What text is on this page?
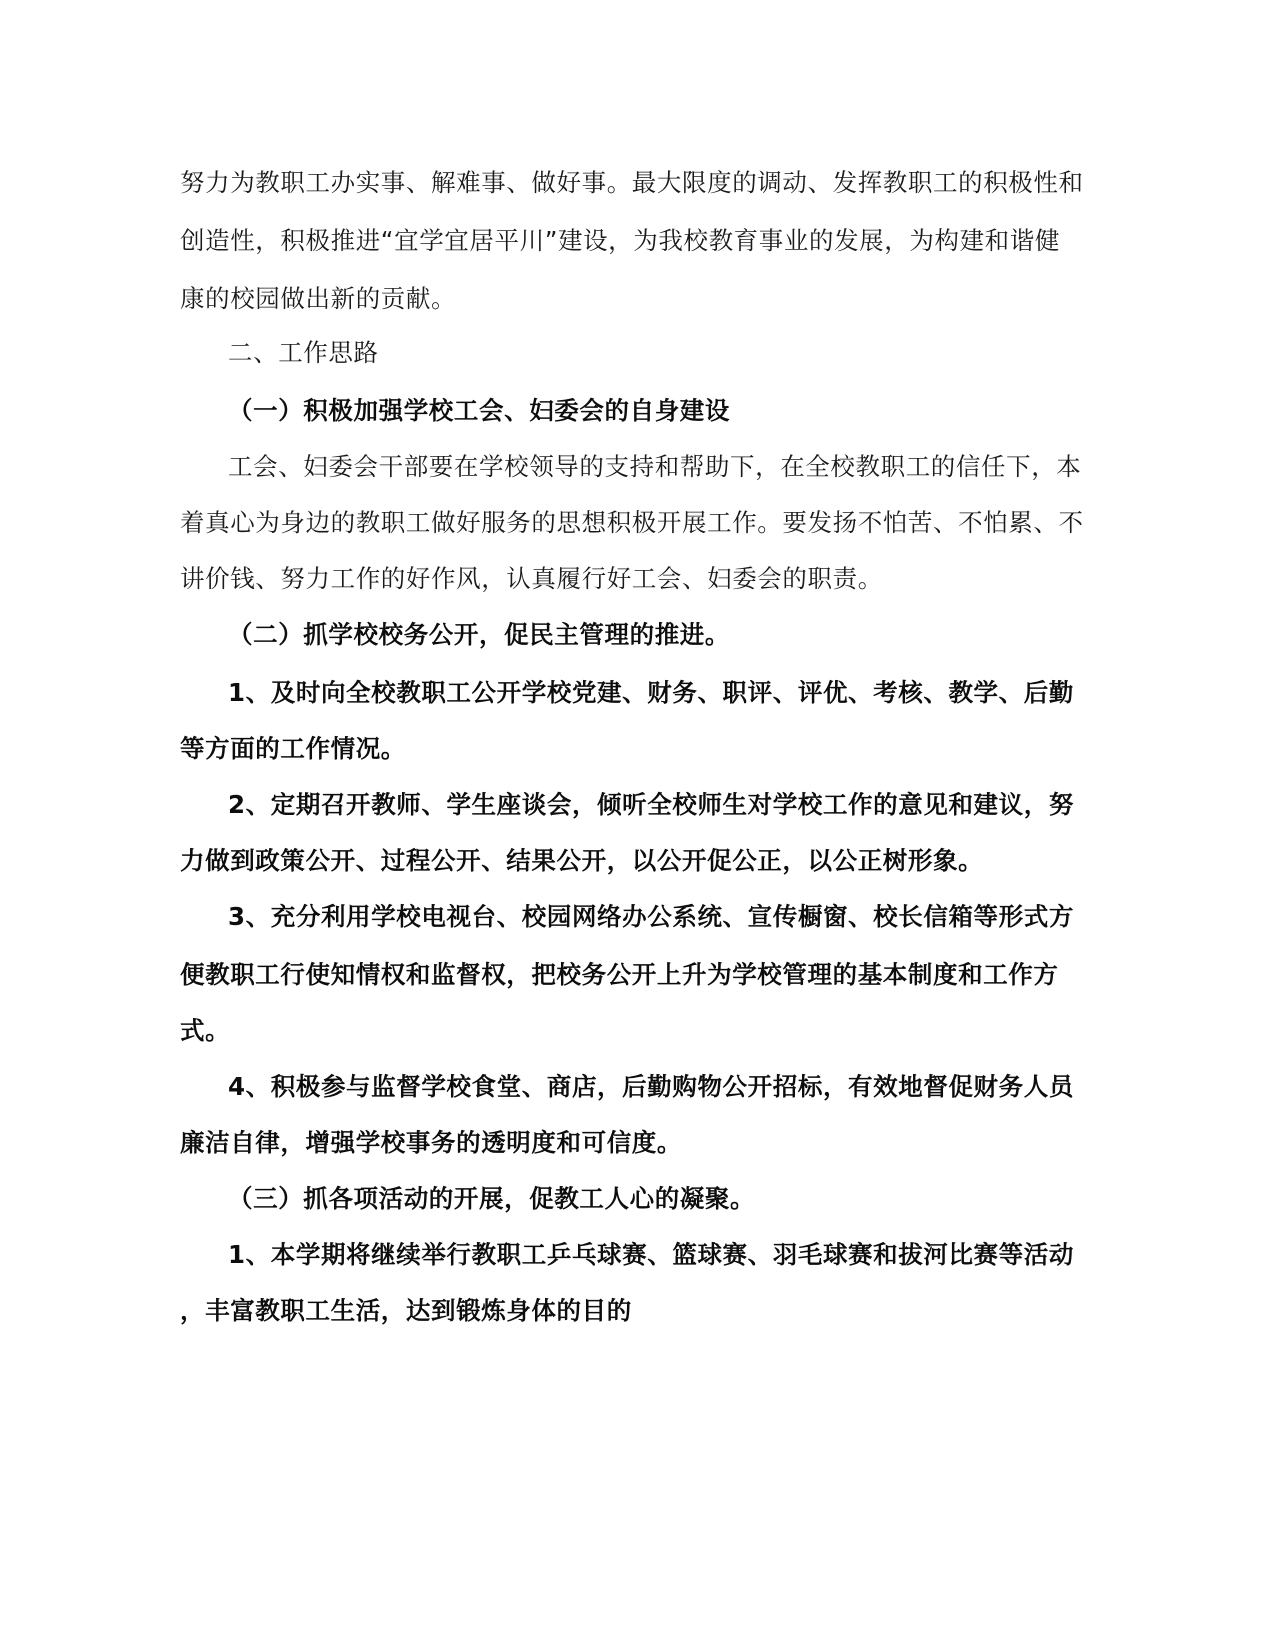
努力为教职工办实事、解难事、做好事。最大限度的调动、发挥教职工的积极性和
创造性，积极推进“宜学宜居平川”建设，为我校教育事业的发展，为构建和谐健
康的校园做出新的贡献。
二、工作思路
（一）积极加强学校工会、妇委会的自身建设
工会、妇委会干部要在学校领导的支持和帮助下，在全校教职工的信任下，本
着真心为身边的教职工做好服务的思想积极开展工作。要发扬不怕苦、不怕累、不
讲价钱、努力工作的好作风，认真履行好工会、妇委会的职责。
（二）抓学校校务公开，促民主管理的推进。
1、及时向全校教职工公开学校党建、财务、职评、评优、考核、教学、后勤
等方面的工作情况。
2、定期召开教师、学生座谈会，倾听全校师生对学校工作的意见和建议，努
力做到政策公开、过程公开、结果公开，以公开促公正，以公正树形象。
3、充分利用学校电视台、校园网络办公系统、宣传橱窗、校长信箱等形式方
便教职工行使知情权和监督权，把校务公开上升为学校管理的基本制度和工作方
式。
4、积极参与监督学校食堂、商店，后勤购物公开招标，有效地督促财务人员
廉洁自律，增强学校事务的透明度和可信度。
（三）抓各项活动的开展，促教工人心的凝聚。
1、本学期将继续举行教职工乒乓球赛、篮球赛、羽毛球赛和拔河比赛等活动
，丰富教职工生活，达到锻炼身体的目的
